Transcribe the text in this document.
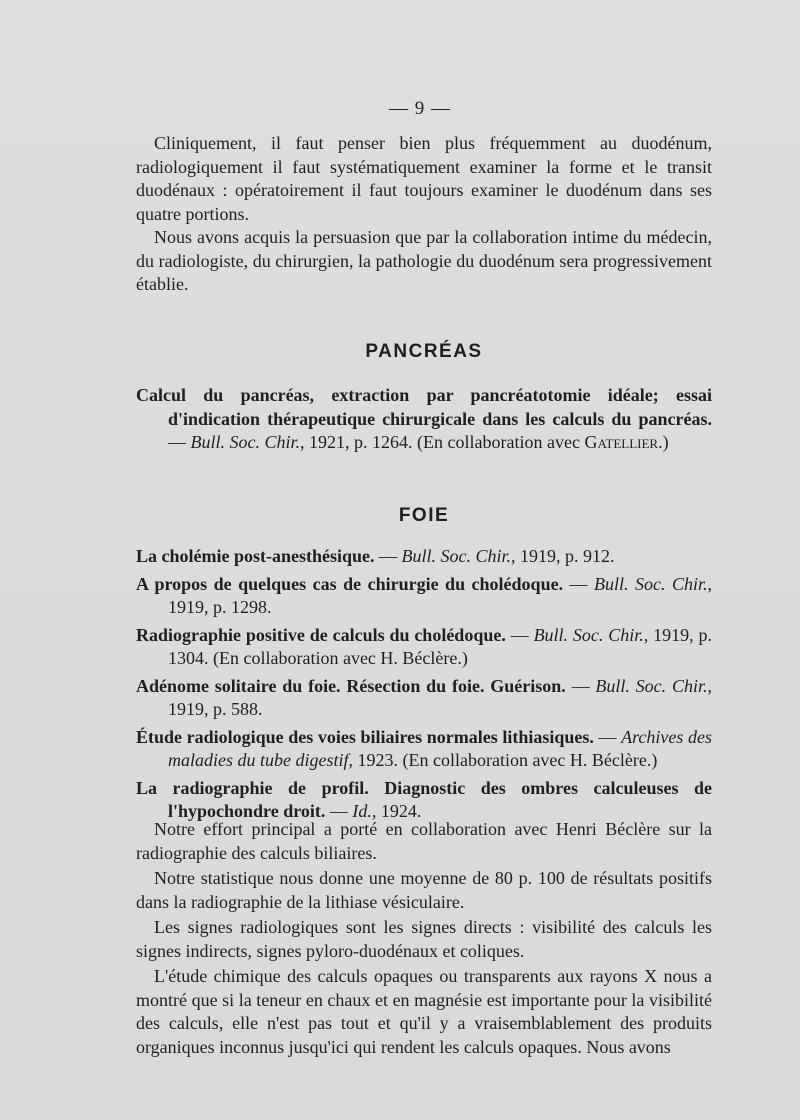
— 9 —

Cliniquement, il faut penser bien plus fréquemment au duodénum, radiologiquement il faut systématiquement examiner la forme et le transit duodénaux : opératoirement il faut toujours examiner le duodénum dans ses quatre portions.

Nous avons acquis la persuasion que par la collaboration intime du médecin, du radiologiste, du chirurgien, la pathologie du duodénum sera progressivement établie.

PANCRÉAS

Calcul du pancréas, extraction par pancréatotomie idéale; essai d'indication thérapeutique chirurgicale dans les calculs du pancréas. — Bull. Soc. Chir., 1921, p. 1264. (En collaboration avec Gatellier.)

FOIE

La cholémie post-anesthésique. — Bull. Soc. Chir., 1919, p. 912.

A propos de quelques cas de chirurgie du cholédoque. — Bull. Soc. Chir., 1919, p. 1298.

Radiographie positive de calculs du cholédoque. — Bull. Soc. Chir., 1919, p. 1304. (En collaboration avec H. Béclère.)

Adénome solitaire du foie. Résection du foie. Guérison. — Bull. Soc. Chir., 1919, p. 588.

Étude radiologique des voies biliaires normales lithiasiques. — Archives des maladies du tube digestif, 1923. (En collaboration avec H. Béclère.)

La radiographie de profil. Diagnostic des ombres calculeuses de l'hypochondre droit. — Id., 1924.

Notre effort principal a porté en collaboration avec Henri Béclère sur la radiographie des calculs biliaires.

Notre statistique nous donne une moyenne de 80 p. 100 de résultats positifs dans la radiographie de la lithiase vésiculaire.

Les signes radiologiques sont les signes directs : visibilité des calculs les signes indirects, signes pyloro-duodénaux et coliques.

L'étude chimique des calculs opaques ou transparents aux rayons X nous a montré que si la teneur en chaux et en magnésie est importante pour la visibilité des calculs, elle n'est pas tout et qu'il y a vraisemblablement des produits organiques inconnus jusqu'ici qui rendent les calculs opaques. Nous avons
